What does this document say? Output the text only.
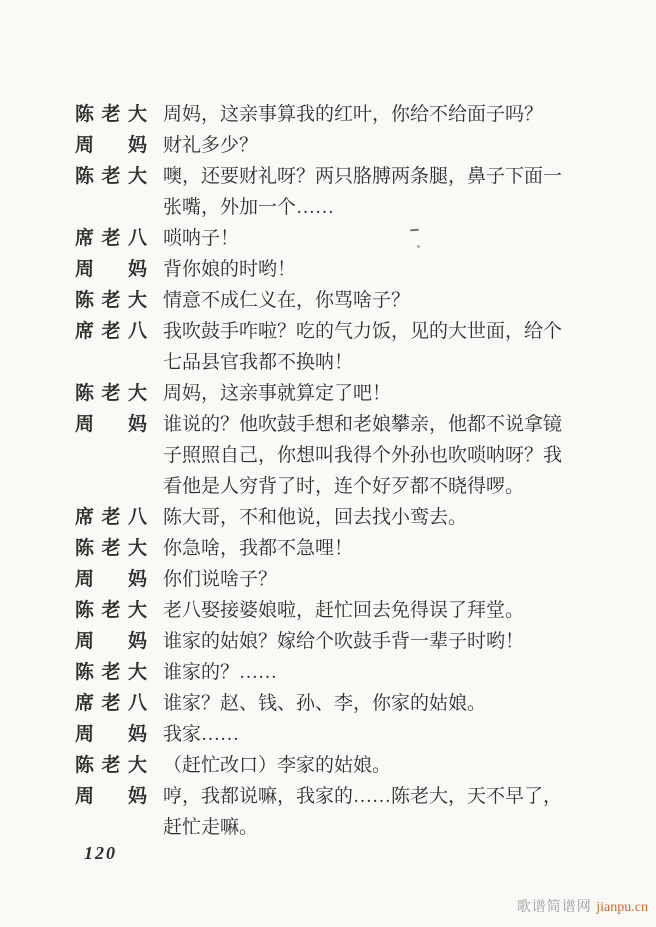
陈老大 周妈，这亲事算我的红叶，你给不给面子吗？
周妈 财礼多少？
陈老大 噢，还要财礼呀？两只胳膊两条腿，鼻子下面一
张嘴，外加一个……
席老八 唢呐子！
周妈 背你娘的时哟！
陈老大 情意不成仁义在，你骂啥子？
席老八 我吹鼓手咋啦？吃的气力饭，见的大世面，给个
七品县官我都不换呐！
陈老大 周妈，这亲事就算定了吧！
周妈 谁说的？他吹鼓手想和老娘攀亲，他都不说拿镜
子照照自己，你想叫我得个外孙也吹唢呐呀？我
看他是人穷背了时，连个好歹都不晓得啰。
席老八 陈大哥，不和他说，回去找小鸾去。
陈老大 你急啥，我都不急哩！
周妈 你们说啥子？
陈老大 老八娶接婆娘啦，赶忙回去免得误了拜堂。
周妈 谁家的姑娘？嫁给个吹鼓手背一辈子时哟！
陈老大 谁家的？……
席老八 谁家？赵、钱、孙、李，你家的姑娘。
周妈 我家……
陈老大 （赶忙改口）李家的姑娘。
周妈 哼，我都说嘛，我家的……陈老大，天不早了，
赶忙走嘛。
120
歌谱简谱网 jianpu.cn
